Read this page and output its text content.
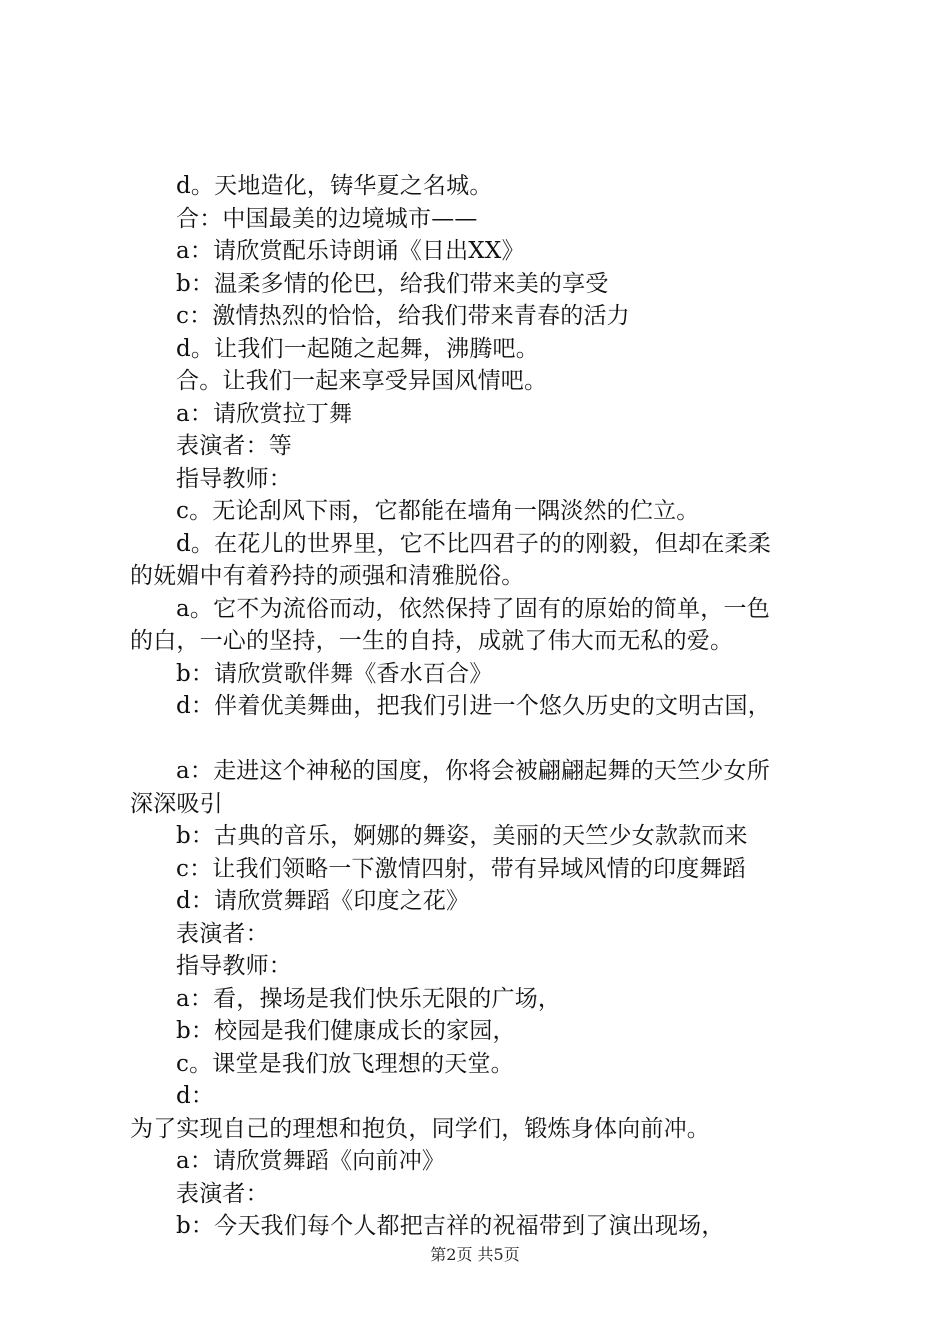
d。天地造化，铸华夏之名城。
合：中国最美的边境城市——
a：请欣赏配乐诗朗诵《日出XX》
b：温柔多情的伦巴，给我们带来美的享受
c：激情热烈的恰恰，给我们带来青春的活力
d。让我们一起随之起舞，沸腾吧。
合。让我们一起来享受异国风情吧。
a：请欣赏拉丁舞
表演者：等
指导教师：
c。无论刮风下雨，它都能在墙角一隅淡然的伫立。
d。在花儿的世界里，它不比四君子的的刚毅，但却在柔柔
的妩媚中有着矜持的顽强和清雅脱俗。
a。它不为流俗而动，依然保持了固有的原始的简单，一色
的白，一心的坚持，一生的自持，成就了伟大而无私的爱。
b：请欣赏歌伴舞《香水百合》
d：伴着优美舞曲，把我们引进一个悠久历史的文明古国，
a：走进这个神秘的国度，你将会被翩翩起舞的天竺少女所
深深吸引
b：古典的音乐，婀娜的舞姿，美丽的天竺少女款款而来
c：让我们领略一下激情四射，带有异域风情的印度舞蹈
d：请欣赏舞蹈《印度之花》
表演者：
指导教师：
a：看，操场是我们快乐无限的广场，
b：校园是我们健康成长的家园，
c。课堂是我们放飞理想的天堂。
d：
为了实现自己的理想和抱负，同学们，锻炼身体向前冲。
a：请欣赏舞蹈《向前冲》
表演者：
b：今天我们每个人都把吉祥的祝福带到了演出现场，
第2页 共5页
